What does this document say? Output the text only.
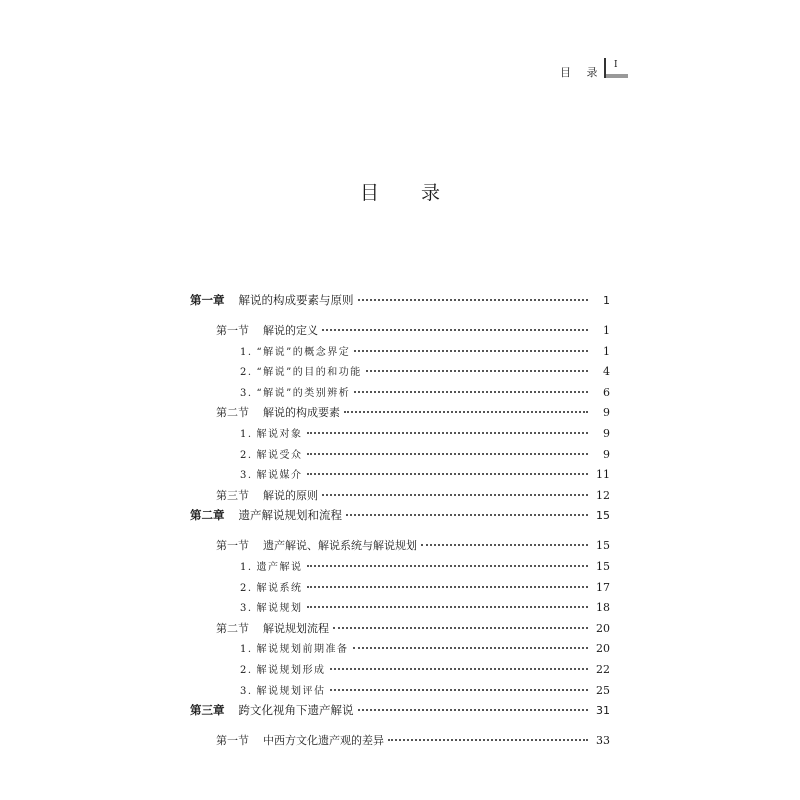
目 录
I
目 录
第一章 解说的构成要素与原则	1
第一节 解说的定义	1
1. “解说”的概念界定	1
2. “解说”的目的和功能	4
3. “解说”的类别辨析	6
第二节 解说的构成要素	9
1. 解说对象	9
2. 解说受众	9
3. 解说媒介	11
第三节 解说的原则	12
第二章 遗产解说规划和流程	15
第一节 遗产解说、解说系统与解说规划	15
1. 遗产解说	15
2. 解说系统	17
3. 解说规划	18
第二节 解说规划流程	20
1. 解说规划前期准备	20
2. 解说规划形成	22
3. 解说规划评估	25
第三章 跨文化视角下遗产解说	31
第一节 中西方文化遗产观的差异	33
